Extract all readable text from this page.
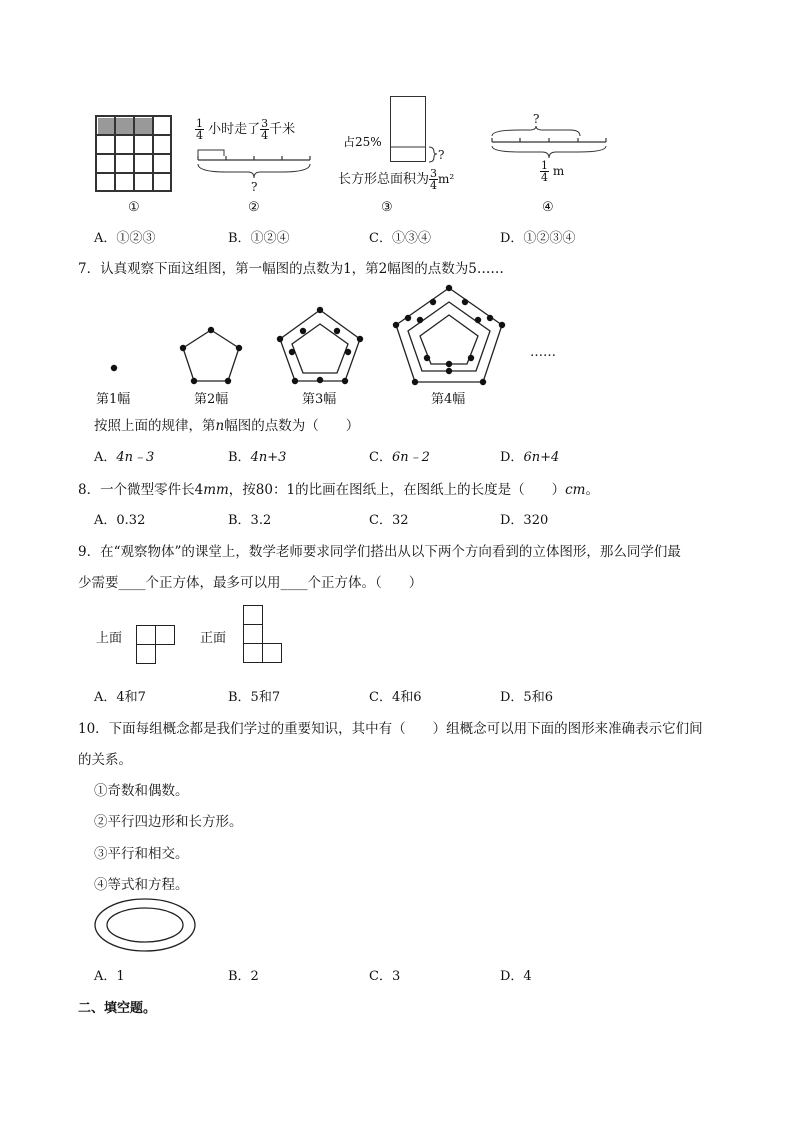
$\frac{1}{4}$ 小时走了 $\frac{3}{4}$ 千米
?
占25%
?
长方形总面积为 $\frac{3}{4} m^2$
?
$\frac{1}{4}$ m
①	②	③	④
A．①②③	B．①②④	C．①③④	D．①②③④
7．认真观察下面这组图，第一幅图的点数为1，第2幅图的点数为5……
……
第1幅	第2幅	第3幅	第4幅
按照上面的规律，第n幅图的点数为（　　）
A．4n﹣3	B．4n+3	C．6n﹣2	D．6n+4
8．一个微型零件长4mm，按80：1的比画在图纸上，在图纸上的长度是（　　）cm。
A．0.32	B．3.2	C．32	D．320
9．在“观察物体”的课堂上，数学老师要求同学们搭出从以下两个方向看到的立体图形，那么同学们最
少需要____个正方体，最多可以用____个正方体。（　　）
上面	正面
A．4和7	B．5和7	C．4和6	D．5和6
10．下面每组概念都是我们学过的重要知识，其中有（　　）组概念可以用下面的图形来准确表示它们间
的关系。
①奇数和偶数。
②平行四边形和长方形。
③平行和相交。
④等式和方程。
A．1	B．2	C．3	D．4
二、填空题。
